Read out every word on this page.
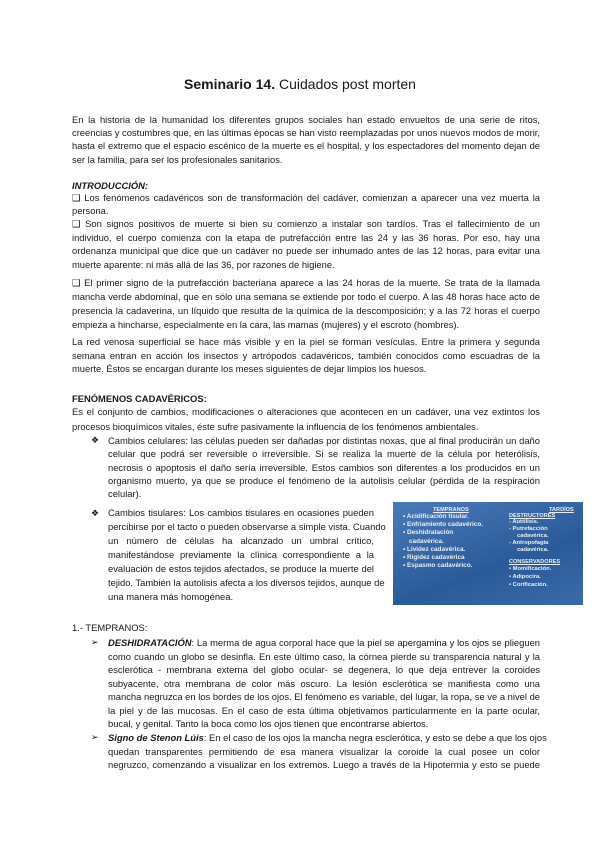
Seminario 14. Cuidados post morten
En la historia de la humanidad los diferentes grupos sociales han estado envueltos de una serie de ritos,
creencias y costumbres que, en las últimas épocas se han visto reemplazadas por unos nuevos modos de morir,
hasta el extremo que el espacio escénico de la muerte es el hospital, y los espectadores del momento dejan de
ser la familia, para ser los profesionales sanitarios.
INTRODUCCIÓN:
❑ Los fenómenos cadavéricos son de transformación del cadáver, comienzan a aparecer una vez muerta la
persona.
❑ Son signos positivos de muerte si bien su comienzo a instalar son tardíos. Tras el fallecimiento de un
individuo, el cuerpo comienza con la etapa de putrefacción entre las 24 y las 36 horas. Por eso, hay una
ordenanza municipal que dice que un cadáver no puede ser inhumado antes de las 12 horas, para evitar una
muerte aparente: ni más allá de las 36, por razones de higiene.
❑ El primer signo de la putrefacción bacteriana aparece a las 24 horas de la muerte. Se trata de la llamada
mancha verde abdominal, que en sólo una semana se extiende por todo el cuerpo. A las 48 horas hace acto de
presencia la cadaverina, un líquido que resulta de la química de la descomposición; y a las 72 horas el cuerpo
empieza a hincharse, especialmente en la cara, las mamas (mujeres) y el escroto (hombres).
La red venosa superficial se hace más visible y en la piel se forman vesículas. Entre la primera y segunda
semana entran en acción los insectos y artrópodos cadavéricos, también conocidos como escuadras de la
muerte. Éstos se encargan durante los meses siguientes de dejar limpios los huesos.
FENÓMENOS CADAVÉRICOS:
Es el conjunto de cambios, modificaciones o alteraciones que acontecen en un cadáver, una vez extintos los
procesos bioquímicos vitales, éste sufre pasivamente la influencia de los fenómenos ambientales.
❖ Cambios celulares: las células pueden ser dañadas por distintas noxas, que al final producirán un daño
celular que podrá ser reversible o irreversible. Si se realiza la muerte de la célula por heterólisis,
necrosis o apoptosis el daño sería irreversible. Estos cambios son diferentes a los producidos en un
organismo muerto, ya que se produce el fenómeno de la autolisis celular (pérdida de la respiración
celular).
❖ Cambios tisulares: Los cambios tisulares en ocasiones pueden
percibirse por el tacto o pueden observarse a simple vista. Cuando
un número de células ha alcanzado un umbral crítico,
manifestándose previamente la clínica correspondiente a la
evaluación de estos tejidos afectados, se produce la muerte del
tejido. También la autolisis afecta a los diversos tejidos, aunque de
una manera más homogénea.
TEMPRANOS
• Acidificación tisular.
• Enfriamiento cadavérico.
• Deshidratación
cadavérica.
• Lividez cadavérica.
• Rigidez cadavérica
• Espasmo cadavérico.
TARDÍOS
DESTRUCTORES
- Autólisis.
- Putrefacción
cadavérica.
- Antropofagia
cadavérica.
CONSERVADORES
• Momificación.
• Adipocira.
• Corificación.
1.- TEMPRANOS:
➢ DESHIDRATACIÓN: La merma de agua corporal hace que la piel se apergamina y los ojos se plieguen
como cuando un globo se desinfla. En este último caso, la córnea pierde su transparencia natural y la
esclerótica - membrana externa del globo ocular- se degenera, lo que deja entrever la coroides
subyacente, otra membrana de color más oscuro. La lesión esclerótica se manifiesta como una
mancha negruzca en los bordes de los ojos. El fenómeno es variable, del lugar, la ropa, se ve a nivel de
la piel y de las mucosas. En el caso de esta última objetivamos particularmente en la parte ocular,
bucal, y genital. Tanto la boca como los ojos tienen que encontrarse abiertos.
➢ Signo de Stenon Lúis: En el caso de los ojos la mancha negra esclerótica, y esto se debe a que los ojos
quedan transparentes permitiendo de esa manera visualizar la coroide la cual posee un color
negruzco, comenzando a visualizar en los extremos. Luego a través de la Hipotermia y esto se puede
